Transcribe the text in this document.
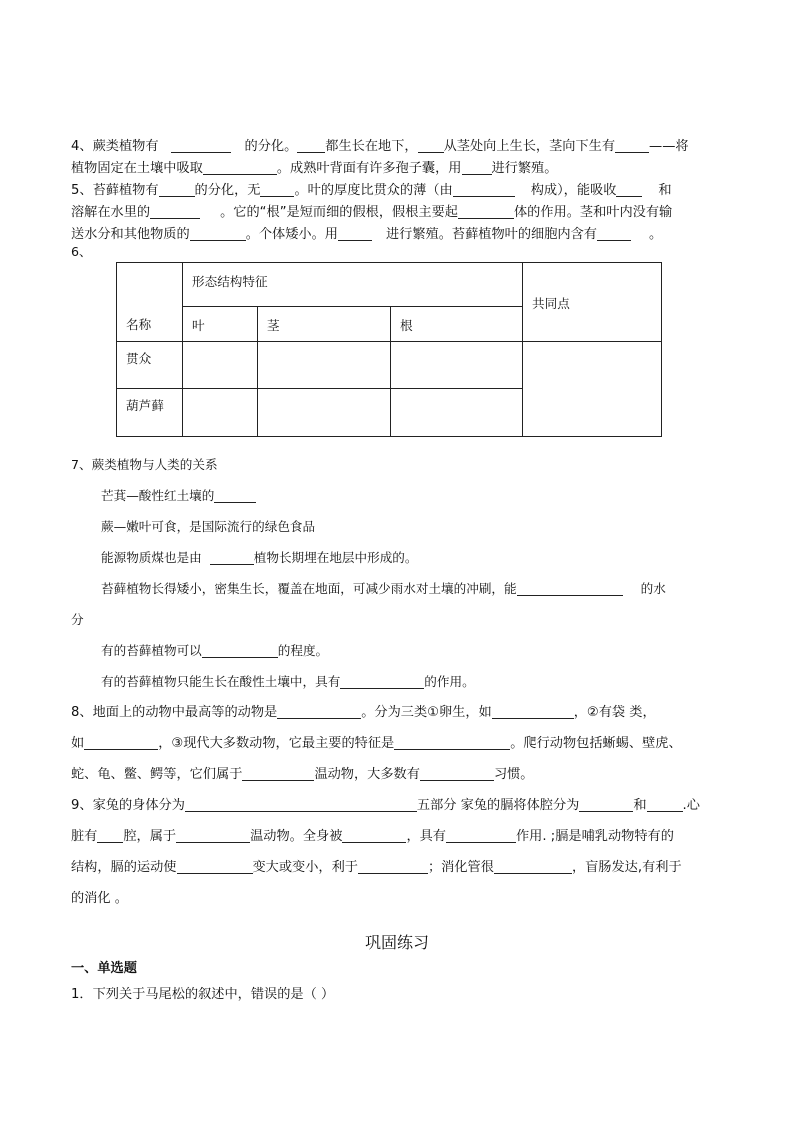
4、蕨类植物有	的分化。 都生长在地下， 从茎处向上生长，茎向下生有	——将
植物固定在土壤中吸取	。成熟叶背面有许多孢子囊，用 进行繁殖。
5、苔藓植物有	的分化，无	。叶的厚度比贯众的薄（由	构成），能吸收	和
溶解在水里的	。它的“根”是短而细的假根，假根主要起	体的作用。茎和叶内没有输
送水分和其他物质的	。个体矮小。用	进行繁殖。苔藓植物叶的细胞内含有	。
6、
名称	形态结构特征			共同点
	叶	茎	根	
贯众				
葫芦藓				
7、蕨类植物与人类的关系
芒萁—酸性红土壤的
蕨—嫩叶可食，是国际流行的绿色食品
能源物质煤也是由	植物长期埋在地层中形成的。
苔藓植物长得矮小，密集生长，覆盖在地面，可减少雨水对土壤的冲刷，能	的水
分
有的苔藓植物可以	的程度。
有的苔藓植物只能生长在酸性土壤中，具有	的作用。
8、地面上的动物中最高等的动物是	。分为三类①卵生，如	，②有袋 类，
如	，③现代大多数动物，它最主要的特征是	。爬行动物包括蜥蜴、壁虎、
蛇、龟、鳖、鳄等，它们属于	温动物，大多数有	习惯。
9、家兔的身体分为	五部分 家兔的膈将体腔分为	和	.心
脏有 腔，属于	温动物。全身被	，具有	作用. ;膈是哺乳动物特有的
结构，膈的运动使	变大或变小，利于	；消化管很	，盲肠发达,有利于
的消化 。
巩固练习
一、单选题
1．下列关于马尾松的叙述中，错误的是（ ）
